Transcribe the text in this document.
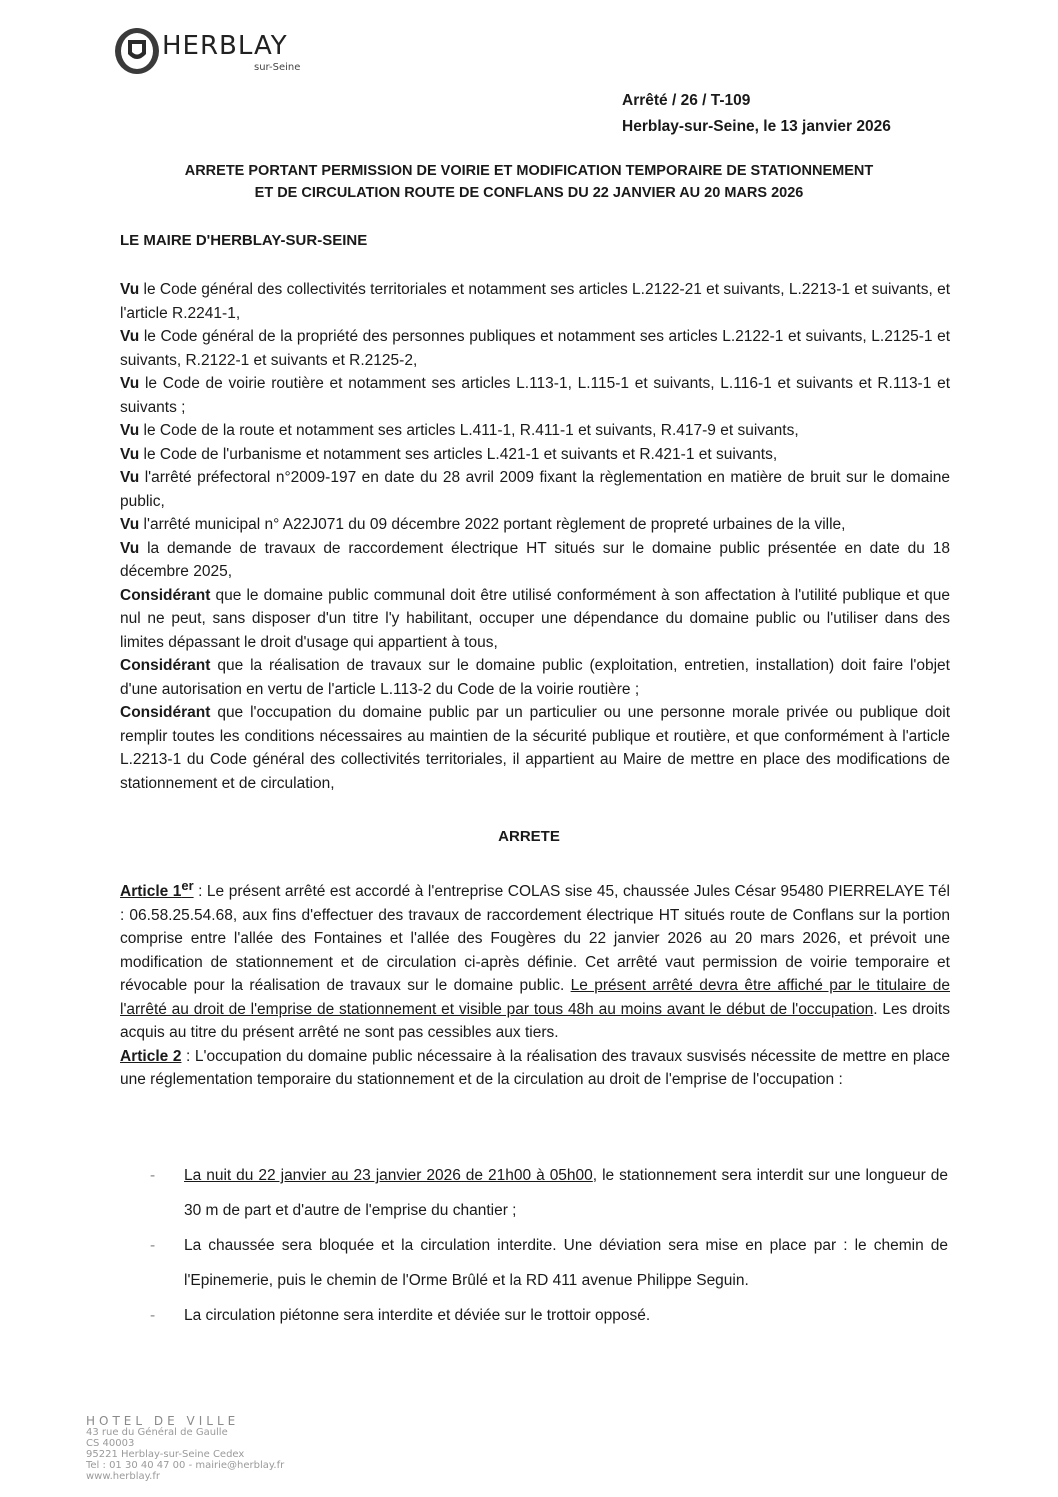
HERBLAY
sur-Seine
Arrêté / 26 / T-109
Herblay-sur-Seine, le 13 janvier 2026
ARRETE PORTANT PERMISSION DE VOIRIE ET MODIFICATION TEMPORAIRE DE STATIONNEMENT
ET DE CIRCULATION ROUTE DE CONFLANS DU 22 JANVIER AU 20 MARS 2026
LE MAIRE D'HERBLAY-SUR-SEINE

Vu le Code général des collectivités territoriales et notamment ses articles L.2122-21 et suivants, L.2213-1 et suivants, et l'article R.2241-1,

Vu le Code général de la propriété des personnes publiques et notamment ses articles L.2122-1 et suivants, L.2125-1 et suivants, R.2122-1 et suivants et R.2125-2,

Vu le Code de voirie routière et notamment ses articles L.113-1, L.115-1 et suivants, L.116-1 et suivants et R.113-1 et suivants ;

Vu le Code de la route et notamment ses articles L.411-1, R.411-1 et suivants, R.417-9 et suivants,

Vu le Code de l'urbanisme et notamment ses articles L.421-1 et suivants et R.421-1 et suivants,

Vu l'arrêté préfectoral n°2009-197 en date du 28 avril 2009 fixant la règlementation en matière de bruit sur le domaine public,

Vu l'arrêté municipal n° A22J071 du 09 décembre 2022 portant règlement de propreté urbaines de la ville,

Vu la demande de travaux de raccordement électrique HT situés sur le domaine public présentée en date du 18 décembre 2025,

Considérant que le domaine public communal doit être utilisé conformément à son affectation à l'utilité publique et que nul ne peut, sans disposer d'un titre l'y habilitant, occuper une dépendance du domaine public ou l'utiliser dans des limites dépassant le droit d'usage qui appartient à tous,

Considérant que la réalisation de travaux sur le domaine public (exploitation, entretien, installation) doit faire l'objet d'une autorisation en vertu de l'article L.113-2 du Code de la voirie routière ;

Considérant que l'occupation du domaine public par un particulier ou une personne morale privée ou publique doit remplir toutes les conditions nécessaires au maintien de la sécurité publique et routière, et que conformément à l'article L.2213-1 du Code général des collectivités territoriales, il appartient au Maire de mettre en place des modifications de stationnement et de circulation,

ARRETE

Article 1er : Le présent arrêté est accordé à l'entreprise COLAS sise 45, chaussée Jules César 95480 PIERRELAYE Tél : 06.58.25.54.68, aux fins d'effectuer des travaux de raccordement électrique HT situés route de Conflans sur la portion comprise entre l'allée des Fontaines et l'allée des Fougères du 22 janvier 2026 au 20 mars 2026, et prévoit une modification de stationnement et de circulation ci-après définie. Cet arrêté vaut permission de voirie temporaire et révocable pour la réalisation de travaux sur le domaine public. Le présent arrêté devra être affiché par le titulaire de l'arrêté au droit de l'emprise de stationnement et visible par tous 48h au moins avant le début de l'occupation. Les droits acquis au titre du présent arrêté ne sont pas cessibles aux tiers.

Article 2 : L'occupation du domaine public nécessaire à la réalisation des travaux susvisés nécessite de mettre en place une réglementation temporaire du stationnement et de la circulation au droit de l'emprise de l'occupation :

- La nuit du 22 janvier au 23 janvier 2026 de 21h00 à 05h00, le stationnement sera interdit sur une longueur de 30 m de part et d'autre de l'emprise du chantier ;
- La chaussée sera bloquée et la circulation interdite. Une déviation sera mise en place par : le chemin de l'Epinemerie, puis le chemin de l'Orme Brûlé et la RD 411 avenue Philippe Seguin.
- La circulation piétonne sera interdite et déviée sur le trottoir opposé.
HOTEL DE VILLE
43 rue du Général de Gaulle
CS 40003
95221 Herblay-sur-Seine Cedex
Tel : 01 30 40 47 00 - mairie@herblay.fr
www.herblay.fr
